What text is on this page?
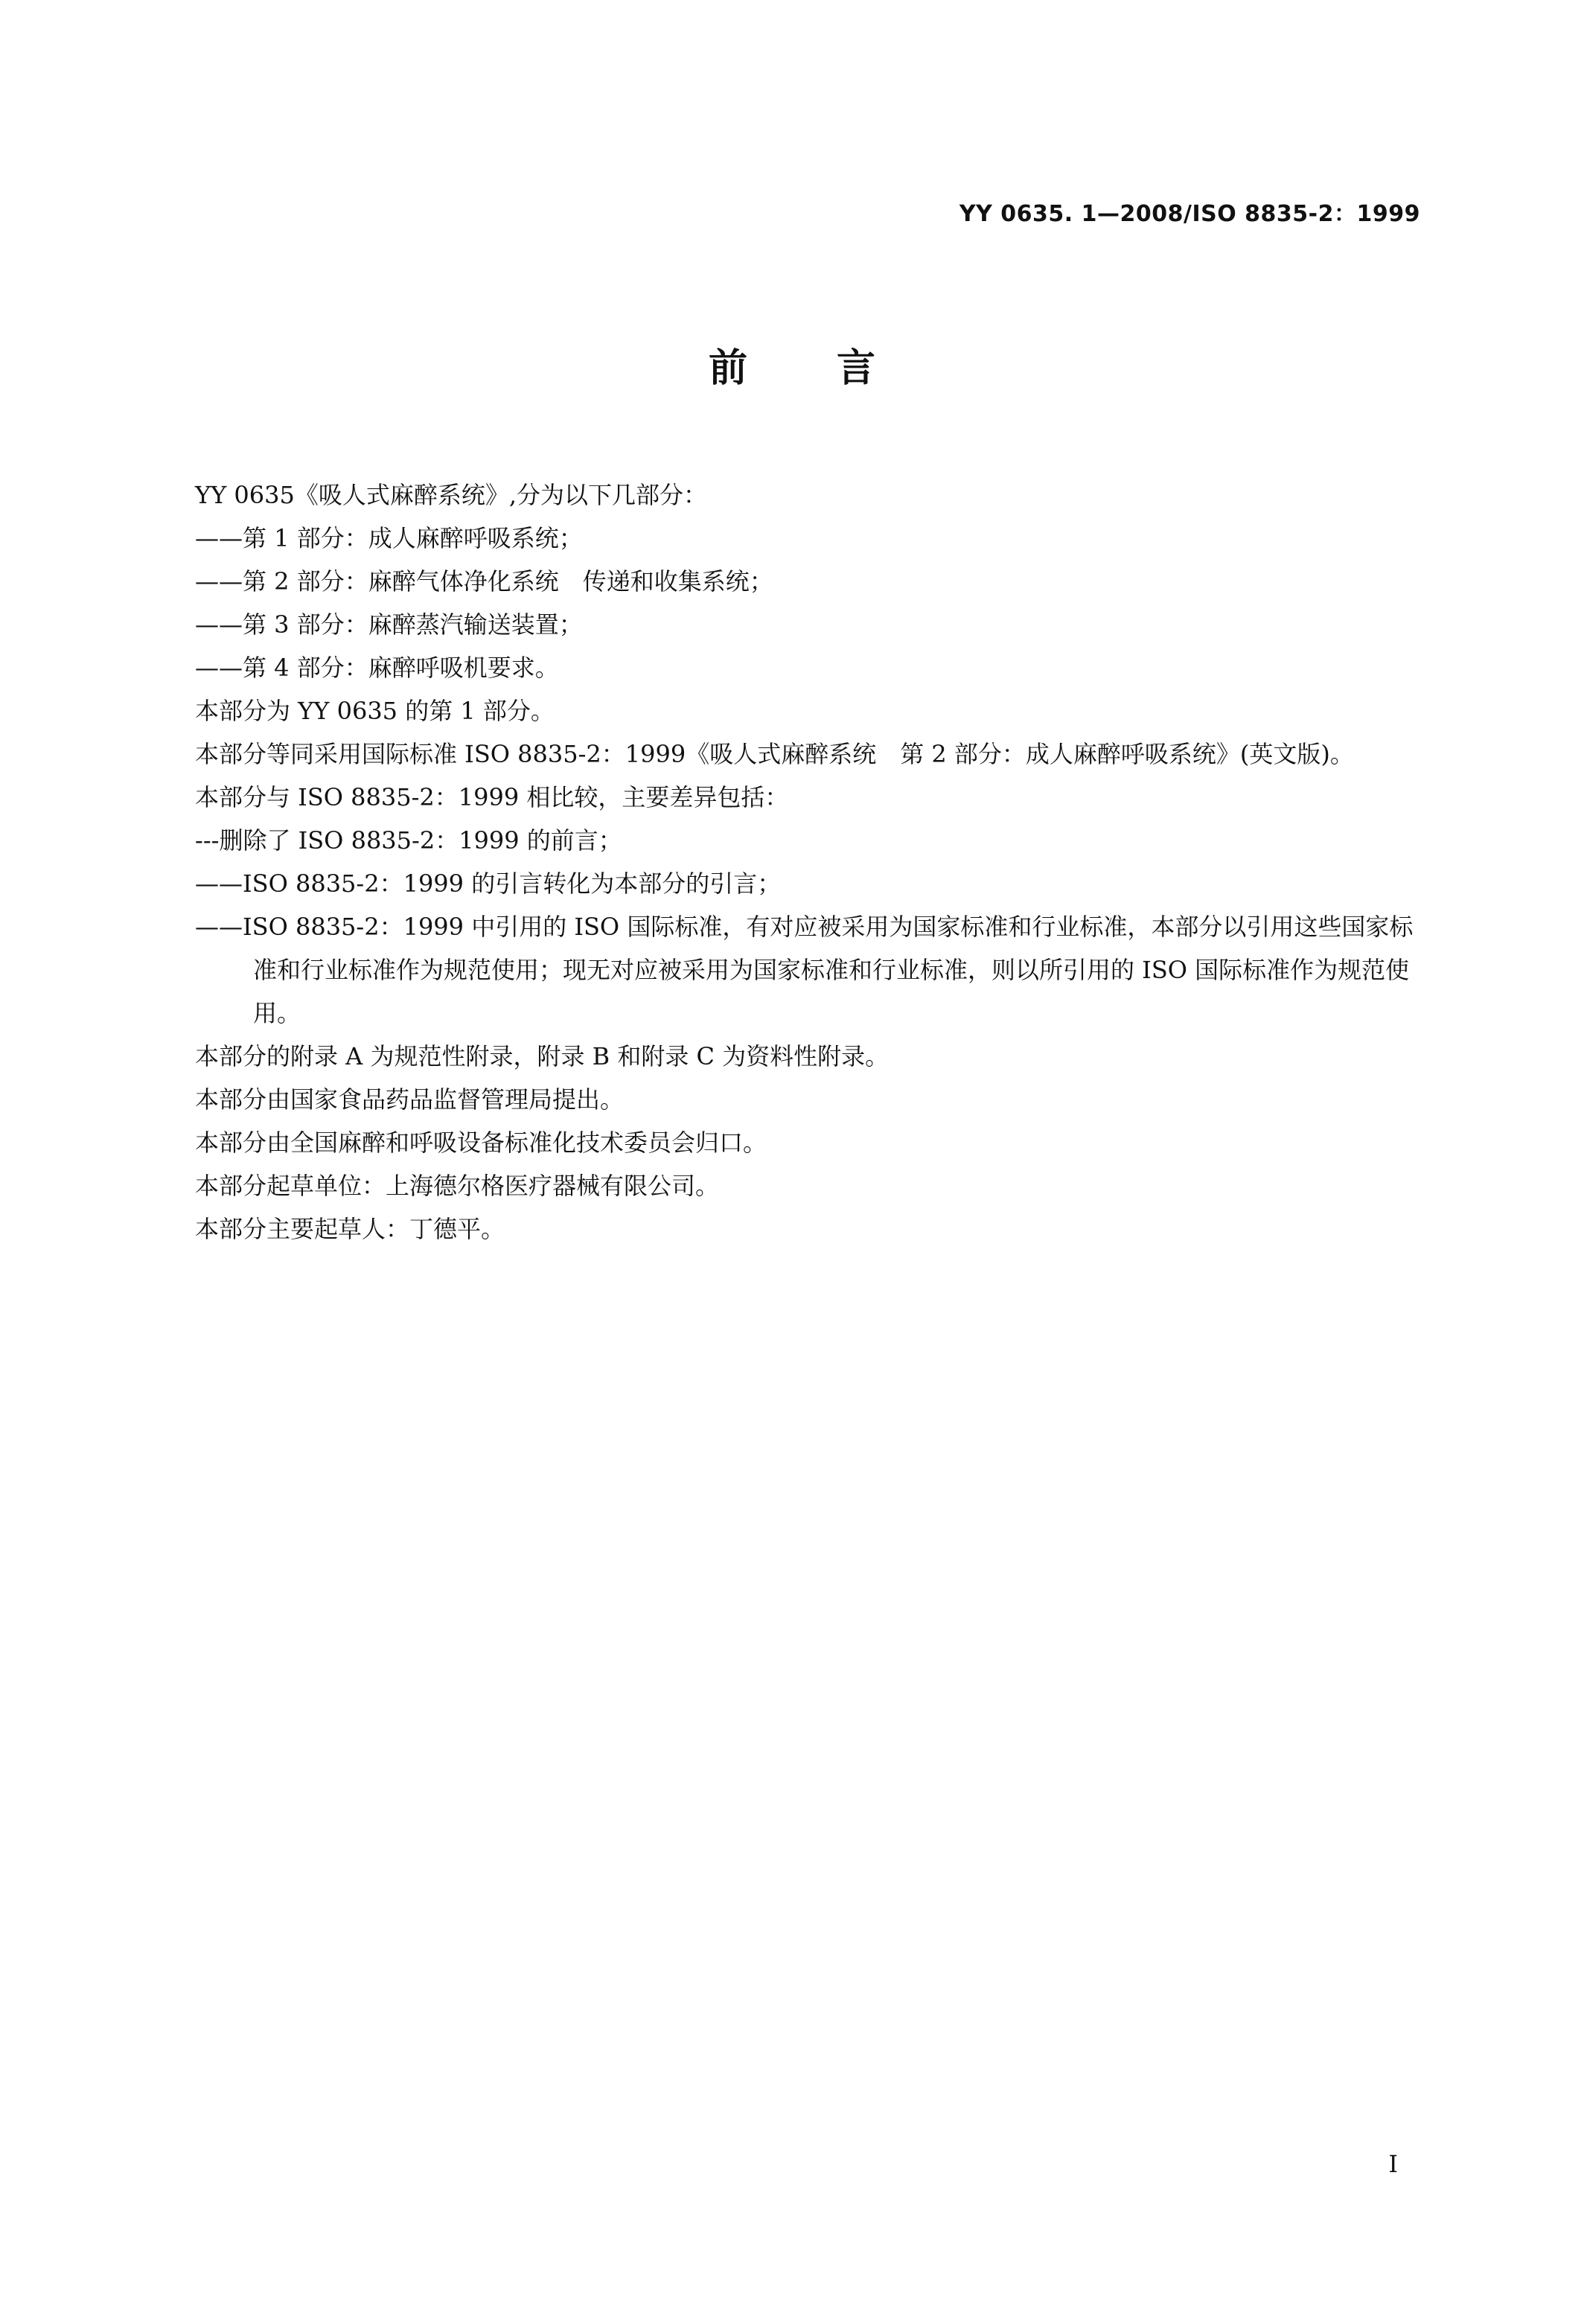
YY 0635. 1—2008/ISO 8835-2：1999
前言

YY 0635《吸人式麻醉系统》,分为以下几部分：

——第 1 部分：成人麻醉呼吸系统；

——第 2 部分：麻醉气体净化系统　传递和收集系统；

——第 3 部分：麻醉蒸汽输送装置；

——第 4 部分：麻醉呼吸机要求。

本部分为 YY 0635 的第 1 部分。

本部分等同采用国际标准 ISO 8835-2：1999《吸人式麻醉系统　第 2 部分：成人麻醉呼吸系统》(英文版)。

本部分与 ISO 8835-2：1999 相比较，主要差异包括：

---删除了 ISO 8835-2：1999 的前言；

——ISO 8835-2：1999 的引言转化为本部分的引言；

——ISO 8835-2：1999 中引用的 ISO 国际标准，有对应被采用为国家标准和行业标准，本部分以引用这些国家标准和行业标准作为规范使用；现无对应被采用为国家标准和行业标准，则以所引用的 ISO 国际标准作为规范使用。

本部分的附录 A 为规范性附录，附录 B 和附录 C 为资料性附录。

本部分由国家食品药品监督管理局提出。

本部分由全国麻醉和呼吸设备标准化技术委员会归口。

本部分起草单位：上海德尔格医疗器械有限公司。

本部分主要起草人：丁德平。

I
